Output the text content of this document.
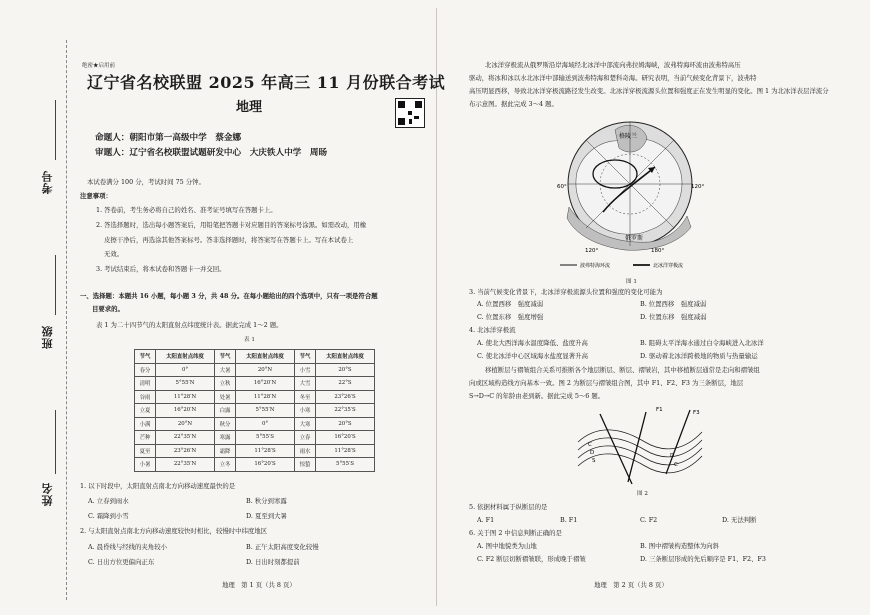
考号
班级
姓名
绝密★启用前
辽宁省名校联盟 2025 年高三 11 月份联合考试
地理
命题人：朝阳市第一高级中学　蔡金娜
审题人：辽宁省名校联盟试题研发中心　大庆铁人中学　周旸
本试卷满分 100 分，考试时间 75 分钟。
注意事项：
1. 答卷前，考生务必将自己的姓名、准考证号填写在答题卡上。
2. 答选择题时，选出每小题答案后，用铅笔把答题卡对应题目的答案标号涂黑。如需改动，用橡
皮擦干净后，再选涂其他答案标号。答非选择题时，将答案写在答题卡上。写在本试卷上
无效。
3. 考试结束后，将本试卷和答题卡一并交回。
一、选择题：本题共 16 小题，每小题 3 分，共 48 分。在每小题给出的四个选项中，只有一项是符合题
目要求的。
表 1 为二十四节气的太阳直射点纬度统计表。据此完成 1～2 题。
表 1
节气	太阳直射点纬度	节气	太阳直射点纬度	节气	太阳直射点纬度
春分	0°	大暑	20°N	小雪	20°S
清明	5°55′N	立秋	16°20′N	大雪	22°S
谷雨	11°28′N	处暑	11°28′N	冬至	23°26′S
立夏	16°20′N	白露	5°55′N	小寒	22°35′S
小满	20°N	秋分	0°	大寒	20°S
芒种	22°35′N	寒露	5°55′S	立春	16°20′S
夏至	23°26′N	霜降	11°28′S	雨水	11°28′S
小暑	22°35′N	立冬	16°20′S	惊蛰	5°55′S
1. 以下时段中，太阳直射点南北方向移动速度最快的是
A. 立春到雨水	B. 秋分到寒露
C. 霜降到小雪	D. 夏至到大暑
2. 与太阳直射点南北方向移动速度较快时相比，较慢时中纬度地区
A. 晨昏线与经线的夹角较小	B. 正午太阳高度变化较慢
C. 日出方位更偏向正东	D. 日出时刻都提前
地理　第 1 页（共 8 页）
北冰洋穿极流从俄罗斯沿岸海域经北冰洋中部流向弗拉姆海峡，波弗特海环流由波弗特高压
驱动，将冰和冰以水北冰洋中部输送到波弗特海和楚科奇海。研究表明，当前气候变化背景下，波弗特
高压明显西移，导致北冰洋穿极流路径发生改变。北冰洋穿极流源头位置和强度正在发生明显的变化。图 1 为北冰洋表层洋流分
布示意图。据此完成 3～4 题。
格陵兰
俄罗斯
60°	120°
120°	180°
波弗特海环流	北冰洋穿极流
图 1
3. 当前气候变化背景下，北冰洋穿极流源头位置和强度的变化可能为
A. 位置西移　强度减弱	B. 位置西移　强度减弱
C. 位置东移　强度增强	D. 位置东移　强度减弱
4. 北冰洋穿极流
A. 使北大西洋海水温度降低、盐度升高	B. 阻碍太平洋海水通过白令海峡进入北冰洋
C. 使北冰洋中心区域海水盐度显著升高	D. 驱动着北冰洋跨极地的物质与热量输运
移植断层与褶皱组合关系可推断各个地层断层、断层、褶皱岩，其中移植断层通常是走向和褶皱组
向或区域构造线方向基本一致。图 2 为断层与褶皱组合图，其中 F1、F2、F3 为三条断层，地层
S→D→C 的年龄由老到新。据此完成 5～6 题。
F1	F3
C
D
S
D
C
图 2
5. 依据材料属于纵断层的是
A. F1	B. F1	C. F2	D. 无法判断
6. 关于图 2 中信息判断正确的是
A. 图中地貌类为山地	B. 图中褶皱构造整体为向斜
C. F2 断层切断褶皱联，形成晚于褶皱	D. 三条断层形成的先后顺序是 F1、F2、F3
地理　第 2 页（共 8 页）
